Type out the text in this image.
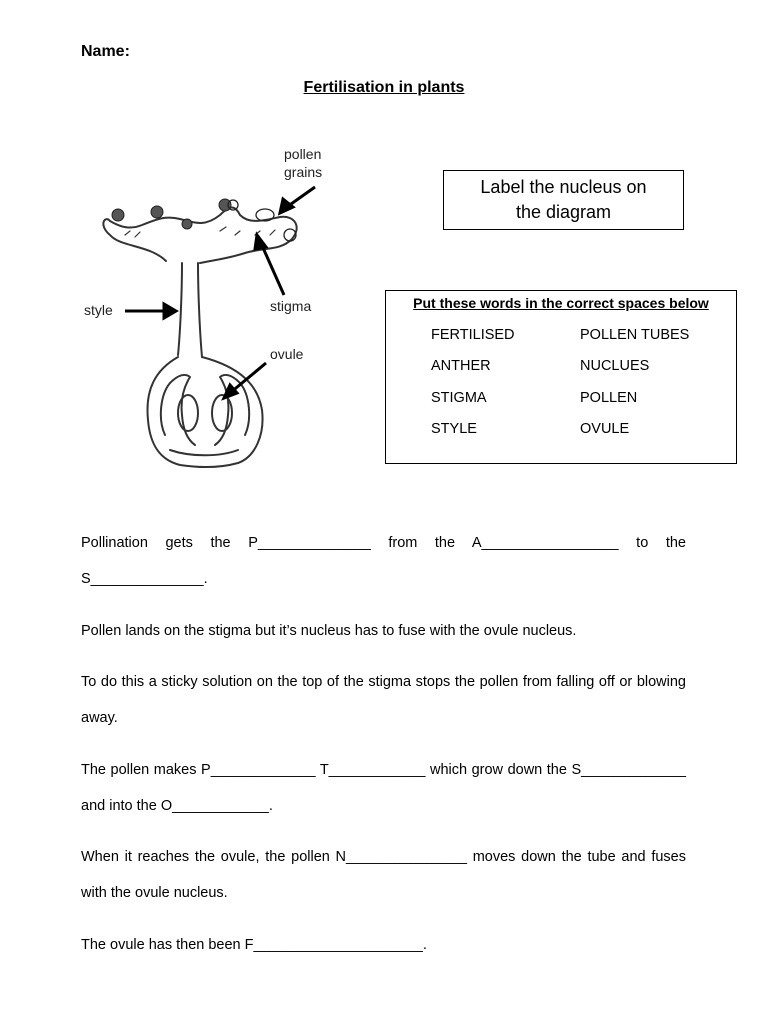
Name:
Fertilisation in plants
pollen
grains
style	stigma
ovule
Label the nucleus on
the diagram
Put these words in the correct spaces below
FERTILISED	POLLEN TUBES
ANTHER	NUCLUES
STIGMA	POLLEN
STYLE	OVULE

Pollination gets the P______________ from the A_________________ to the S______________.

Pollen lands on the stigma but it’s nucleus has to fuse with the ovule nucleus.

To do this a sticky solution on the top of the stigma stops the pollen from falling off or blowing away.

The pollen makes P_____________ T____________ which grow down the S_____________ and into the O____________.

When it reaches the ovule, the pollen N_______________ moves down the tube and fuses with the ovule nucleus.

The ovule has then been F_____________________.
